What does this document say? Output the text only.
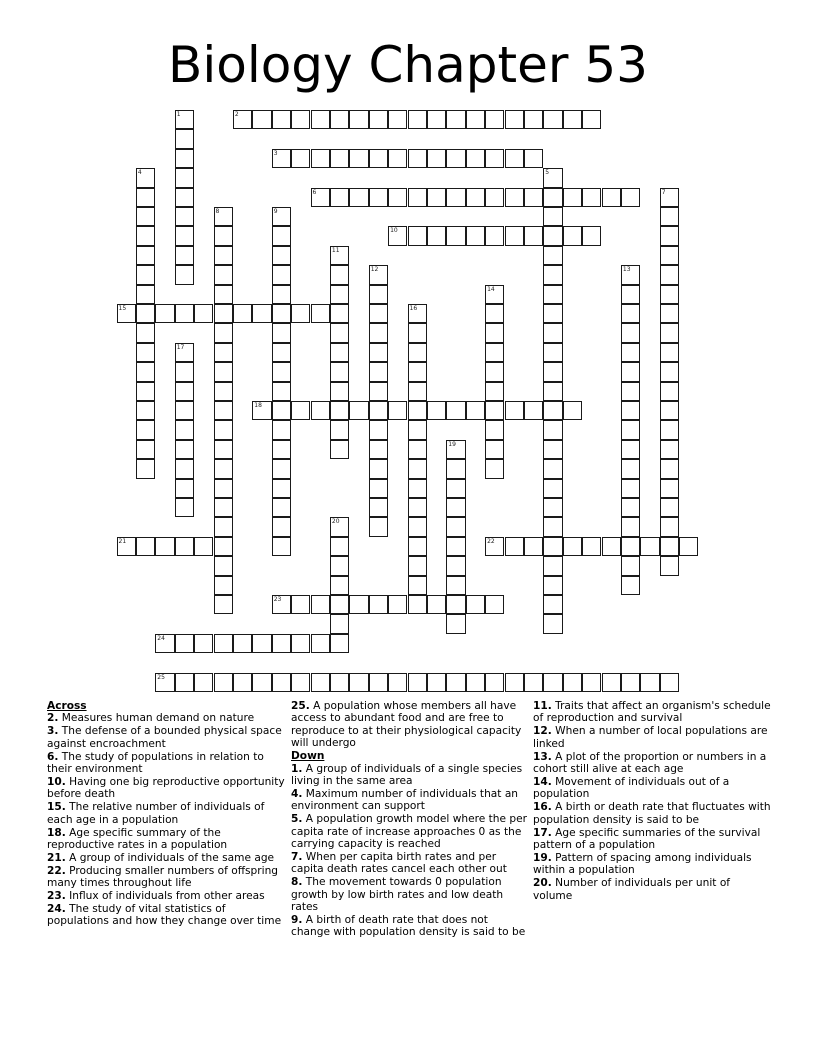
Biology Chapter 53
1	2
3
4	5
6	7
8	9
10
11
12	13
14
15	16
17
18
19
20
21	22
23
24
25
Across
2. Measures human demand on nature
3. The defense of a bounded physical space against encroachment
6. The study of populations in relation to their environment
10. Having one big reproductive opportunity before death
15. The relative number of individuals of each age in a population
18. Age specific summary of the reproductive rates in a population
21. A group of individuals of the same age
22. Producing smaller numbers of offspring many times throughout life
23. Influx of individuals from other areas
24. The study of vital statistics of populations and how they change over time
25. A population whose members all have access to abundant food and are free to reproduce to at their physiological capacity will undergo
Down
1. A group of individuals of a single species living in the same area
4. Maximum number of individuals that an environment can support
5. A population growth model where the per capita rate of increase approaches 0 as the carrying capacity is reached
7. When per capita birth rates and per capita death rates cancel each other out
8. The movement towards 0 population growth by low birth rates and low death rates
9. A birth of death rate that does not change with population density is said to be
11. Traits that affect an organism's schedule of reproduction and survival
12. When a number of local populations are linked
13. A plot of the proportion or numbers in a cohort still alive at each age
14. Movement of individuals out of a population
16. A birth or death rate that fluctuates with population density is said to be
17. Age specific summaries of the survival pattern of a population
19. Pattern of spacing among individuals within a population
20. Number of individuals per unit of volume
